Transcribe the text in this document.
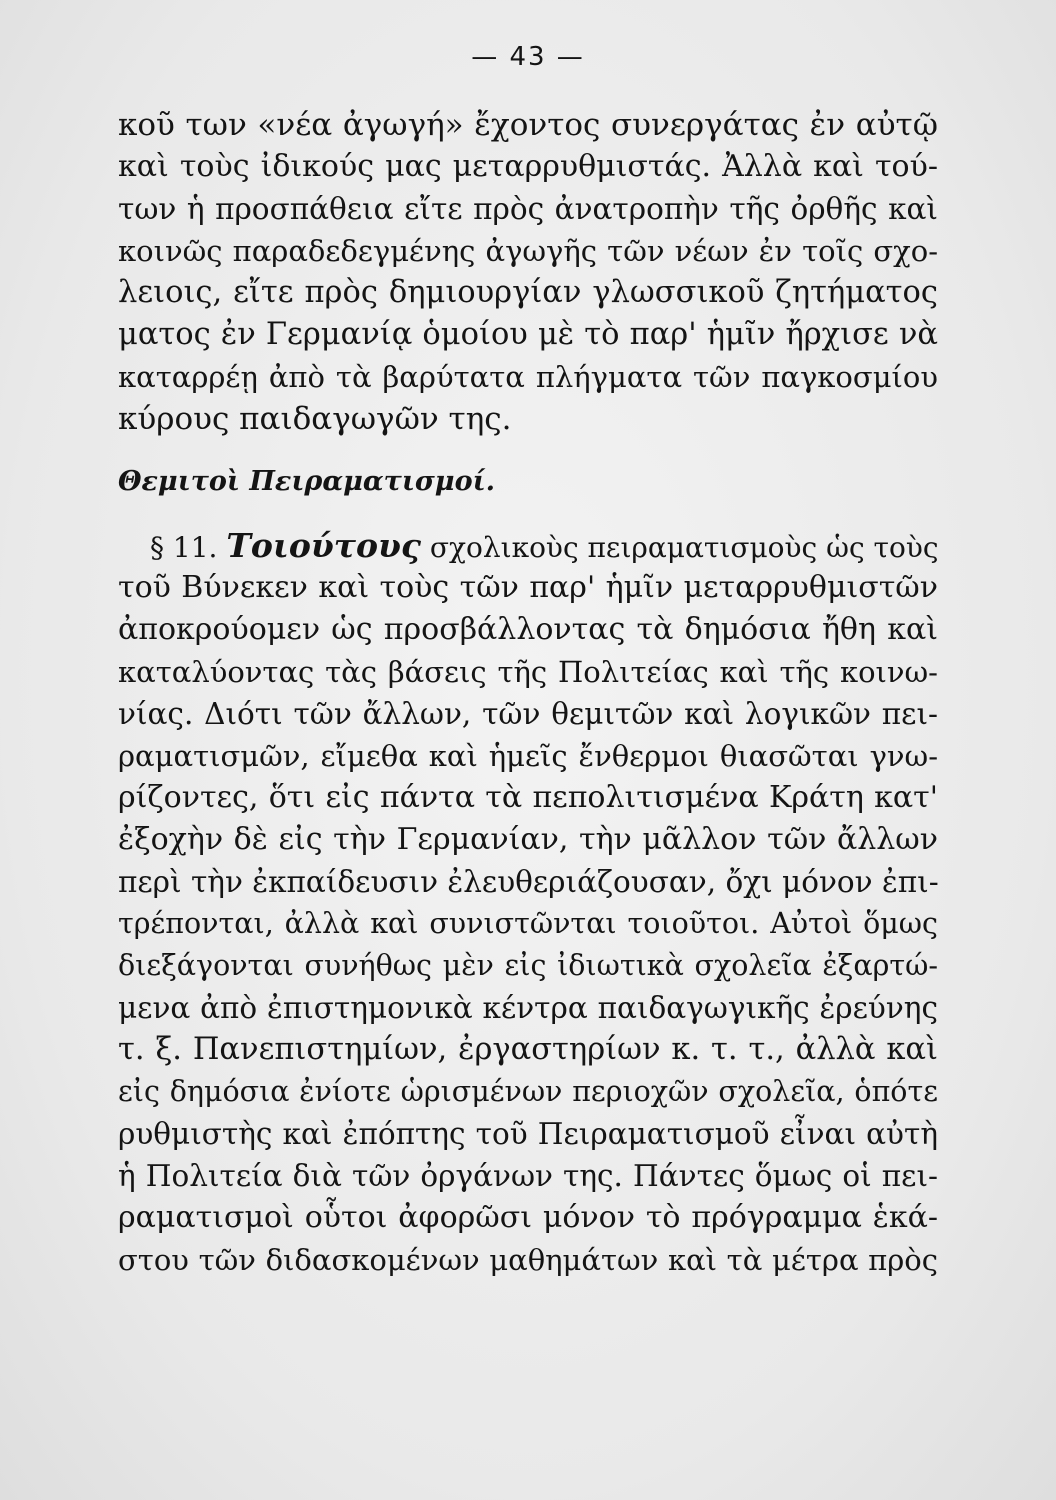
— 43 —
κοῦ των «νέα ἀγωγή» ἔχοντος συνεργάτας ἐν αὐτῷ
καὶ τοὺς ἰδικούς μας μεταρρυθμιστάς. Ἀλλὰ καὶ τού-
των ἡ προσπάθεια εἴτε πρὸς ἀνατροπὴν τῆς ὀρθῆς καὶ
κοινῶς παραδεδεγμένης ἀγωγῆς τῶν νέων ἐν τοῖς σχο-
λειοις, εἴτε πρὸς δημιουργίαν γλωσσικοῦ ζητήματος
ματος ἐν Γερμανίᾳ ὁμοίου μὲ τὸ παρ' ἡμῖν ἤρχισε νὰ
καταρρέῃ ἀπὸ τὰ βαρύτατα πλήγματα τῶν παγκοσμίου
κύρους παιδαγωγῶν της.
Θεμιτοὶ Πειραματισμοί.
§ 11. Τοιούτους σχολικοὺς πειραματισμοὺς ὡς τοὺς
τοῦ Βύνεκεν καὶ τοὺς τῶν παρ' ἡμῖν μεταρρυθμιστῶν
ἀποκρούομεν ὡς προσβάλλοντας τὰ δημόσια ἤθη καὶ
καταλύοντας τὰς βάσεις τῆς Πολιτείας καὶ τῆς κοινω-
νίας. Διότι τῶν ἄλλων, τῶν θεμιτῶν καὶ λογικῶν πει-
ραματισμῶν, εἴμεθα καὶ ἡμεῖς ἔνθερμοι θιασῶται γνω-
ρίζοντες, ὅτι εἰς πάντα τὰ πεπολιτισμένα Κράτη κατ'
ἐξοχὴν δὲ εἰς τὴν Γερμανίαν, τὴν μᾶλλον τῶν ἄλλων
περὶ τὴν ἐκπαίδευσιν ἐλευθεριάζουσαν, ὄχι μόνον ἐπι-
τρέπονται, ἀλλὰ καὶ συνιστῶνται τοιοῦτοι. Αὐτοὶ ὅμως
διεξάγονται συνήθως μὲν εἰς ἰδιωτικὰ σχολεῖα ἐξαρτώ-
μενα ἀπὸ ἐπιστημονικὰ κέντρα παιδαγωγικῆς ἐρεύνης
τ. ξ. Πανεπιστημίων, ἐργαστηρίων κ. τ. τ., ἀλλὰ καὶ
εἰς δημόσια ἐνίοτε ὡρισμένων περιοχῶν σχολεῖα, ὁπότε
ρυθμιστὴς καὶ ἐπόπτης τοῦ Πειραματισμοῦ εἶναι αὐτὴ
ἡ Πολιτεία διὰ τῶν ὀργάνων της. Πάντες ὅμως οἱ πει-
ραματισμοὶ οὗτοι ἀφορῶσι μόνον τὸ πρόγραμμα ἑκά-
στου τῶν διδασκομένων μαθημάτων καὶ τὰ μέτρα πρὸς
